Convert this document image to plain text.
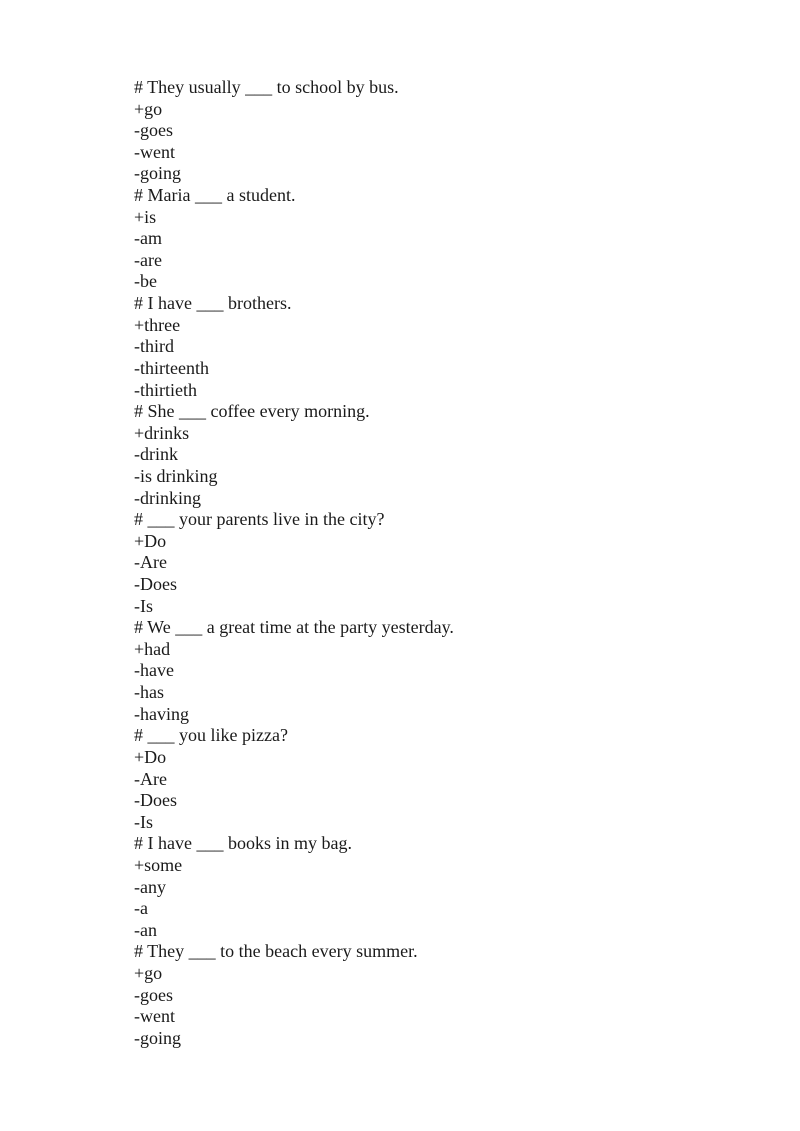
# They usually ___ to school by bus.
+go
-goes
-went
-going
# Maria ___ a student.
+is
-am
-are
-be
# I have ___ brothers.
+three
-third
-thirteenth
-thirtieth
# She ___ coffee every morning.
+drinks
-drink
-is drinking
-drinking
# ___ your parents live in the city?
+Do
-Are
-Does
-Is
# We ___ a great time at the party yesterday.
+had
-have
-has
-having
# ___ you like pizza?
+Do
-Are
-Does
-Is
# I have ___ books in my bag.
+some
-any
-a
-an
# They ___ to the beach every summer.
+go
-goes
-went
-going
